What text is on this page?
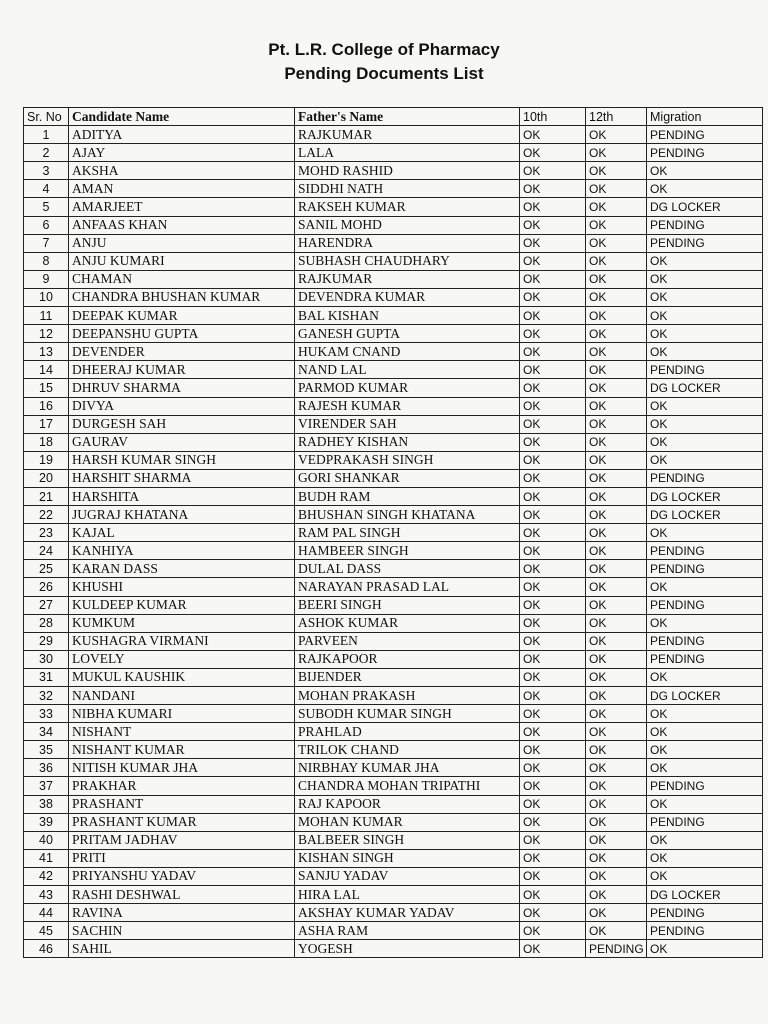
Pt. L.R. College of Pharmacy
Pending Documents List
Sr. No	Candidate Name	Father's Name	10th	12th	Migration
1	ADITYA	RAJKUMAR	OK	OK	PENDING
2	AJAY	LALA	OK	OK	PENDING
3	AKSHA	MOHD RASHID	OK	OK	OK
4	AMAN	SIDDHI NATH	OK	OK	OK
5	AMARJEET	RAKSEH KUMAR	OK	OK	DG LOCKER
6	ANFAAS KHAN	SANIL MOHD	OK	OK	PENDING
7	ANJU	HARENDRA	OK	OK	PENDING
8	ANJU KUMARI	SUBHASH CHAUDHARY	OK	OK	OK
9	CHAMAN	RAJKUMAR	OK	OK	OK
10	CHANDRA BHUSHAN KUMAR	DEVENDRA KUMAR	OK	OK	OK
11	DEEPAK KUMAR	BAL KISHAN	OK	OK	OK
12	DEEPANSHU GUPTA	GANESH GUPTA	OK	OK	OK
13	DEVENDER	HUKAM CNAND	OK	OK	OK
14	DHEERAJ KUMAR	NAND LAL	OK	OK	PENDING
15	DHRUV SHARMA	PARMOD KUMAR	OK	OK	DG LOCKER
16	DIVYA	RAJESH KUMAR	OK	OK	OK
17	DURGESH SAH	VIRENDER SAH	OK	OK	OK
18	GAURAV	RADHEY KISHAN	OK	OK	OK
19	HARSH KUMAR SINGH	VEDPRAKASH SINGH	OK	OK	OK
20	HARSHIT SHARMA	GORI SHANKAR	OK	OK	PENDING
21	HARSHITA	BUDH RAM	OK	OK	DG LOCKER
22	JUGRAJ KHATANA	BHUSHAN SINGH KHATANA	OK	OK	DG LOCKER
23	KAJAL	RAM PAL SINGH	OK	OK	OK
24	KANHIYA	HAMBEER SINGH	OK	OK	PENDING
25	KARAN DASS	DULAL DASS	OK	OK	PENDING
26	KHUSHI	NARAYAN PRASAD LAL	OK	OK	OK
27	KULDEEP KUMAR	BEERI SINGH	OK	OK	PENDING
28	KUMKUM	ASHOK KUMAR	OK	OK	OK
29	KUSHAGRA VIRMANI	PARVEEN	OK	OK	PENDING
30	LOVELY	RAJKAPOOR	OK	OK	PENDING
31	MUKUL KAUSHIK	BIJENDER	OK	OK	OK
32	NANDANI	MOHAN PRAKASH	OK	OK	DG LOCKER
33	NIBHA KUMARI	SUBODH KUMAR SINGH	OK	OK	OK
34	NISHANT	PRAHLAD	OK	OK	OK
35	NISHANT KUMAR	TRILOK CHAND	OK	OK	OK
36	NITISH KUMAR JHA	NIRBHAY KUMAR JHA	OK	OK	OK
37	PRAKHAR	CHANDRA MOHAN TRIPATHI	OK	OK	PENDING
38	PRASHANT	RAJ KAPOOR	OK	OK	OK
39	PRASHANT KUMAR	MOHAN KUMAR	OK	OK	PENDING
40	PRITAM JADHAV	BALBEER SINGH	OK	OK	OK
41	PRITI	KISHAN SINGH	OK	OK	OK
42	PRIYANSHU YADAV	SANJU YADAV	OK	OK	OK
43	RASHI DESHWAL	HIRA LAL	OK	OK	DG LOCKER
44	RAVINA	AKSHAY KUMAR YADAV	OK	OK	PENDING
45	SACHIN	ASHA RAM	OK	OK	PENDING
46	SAHIL	YOGESH	OK	PENDING	OK
